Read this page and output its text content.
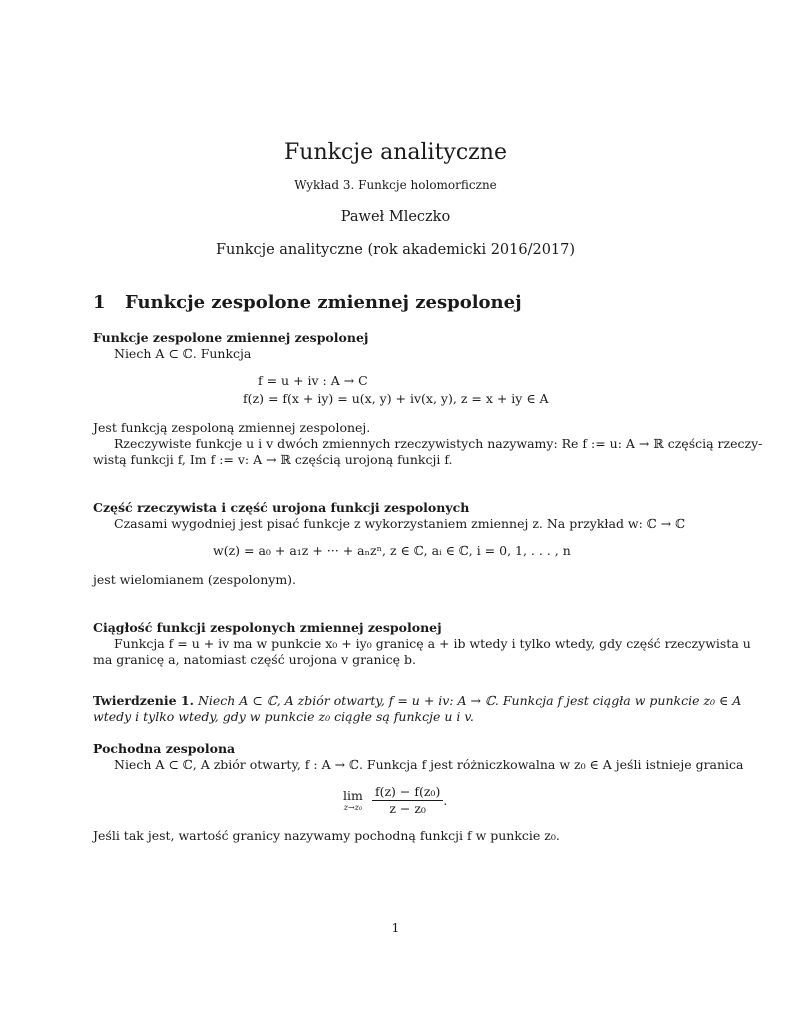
Funkcje analityczne
Wykład 3. Funkcje holomorficzne
Paweł Mleczko
Funkcje analityczne (rok akademicki 2016/2017)
1 Funkcje zespolone zmiennej zespolonej
Funkcje zespolone zmiennej zespolonej
Niech A ⊂ ℂ. Funkcja
f = u + iv : A → C
f(z) = f(x + iy) = u(x, y) + iv(x, y), z = x + iy ∈ A
Jest funkcją zespoloną zmiennej zespolonej.
Rzeczywiste funkcje u i v dwóch zmiennych rzeczywistych nazywamy: Re f := u: A → ℝ częścią rzeczy-
wistą funkcji f, Im f := v: A → ℝ częścią urojoną funkcji f.
Część rzeczywista i część urojona funkcji zespolonych
Czasami wygodniej jest pisać funkcje z wykorzystaniem zmiennej z. Na przykład w: ℂ → ℂ
w(z) = a₀ + a₁z + ··· + aₙzⁿ, z ∈ ℂ, aᵢ ∈ ℂ, i = 0, 1, . . . , n
jest wielomianem (zespolonym).
Ciągłość funkcji zespolonych zmiennej zespolonej
Funkcja f = u + iv ma w punkcie x₀ + iy₀ granicę a + ib wtedy i tylko wtedy, gdy część rzeczywista u
ma granicę a, natomiast część urojona v granicę b.
Twierdzenie 1. Niech A ⊂ ℂ, A zbiór otwarty, f = u + iv: A → ℂ. Funkcja f jest ciągła w punkcie z₀ ∈ A
wtedy i tylko wtedy, gdy w punkcie z₀ ciągłe są funkcje u i v.
Pochodna zespolona
Niech A ⊂ ℂ, A zbiór otwarty, f : A → ℂ. Funkcja f jest różniczkowalna w z₀ ∈ A jeśli istnieje granica
lim
z→z₀
$\frac{\text{f(z) − f(z₀)}}{\text{z − z₀}}$ .
Jeśli tak jest, wartość granicy nazywamy pochodną funkcji f w punkcie z₀.
1
